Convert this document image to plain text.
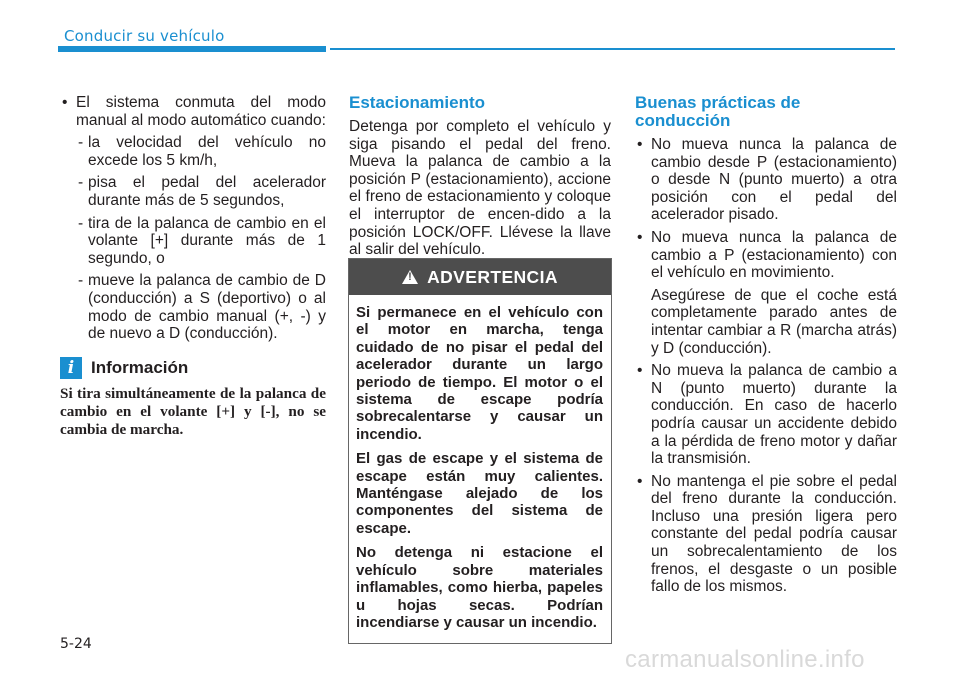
Conducir su vehículo

• El sistema conmuta del modo manual al modo automático cuando:

- la velocidad del vehículo no excede los 5 km/h,

- pisa el pedal del acelerador durante más de 5 segundos,

- tira de la palanca de cambio en el volante [+] durante más de 1 segundo, o

- mueve la palanca de cambio de D (conducción) a S (deportivo) o al modo de cambio manual (+, -) y de nuevo a D (conducción).

i Información

Si tira simultáneamente de la palanca de cambio en el volante [+] y [-], no se cambia de marcha.

Estacionamiento

Detenga por completo el vehículo y siga pisando el pedal del freno. Mueva la palanca de cambio a la posición P (estacionamiento), accione el freno de estacionamiento y coloque el interruptor de encen-dido a la posición LOCK/OFF. Llévese la llave al salir del vehículo.

! ADVERTENCIA

Si permanece en el vehículo con el motor en marcha, tenga cuidado de no pisar el pedal del acelerador durante un largo periodo de tiempo. El motor o el sistema de escape podría sobrecalentarse y causar un incendio.

El gas de escape y el sistema de escape están muy calientes. Manténgase alejado de los componentes del sistema de escape.

No detenga ni estacione el vehículo sobre materiales inflamables, como hierba, papeles u hojas secas. Podrían incendiarse y causar un incendio.

Buenas prácticas de conducción

• No mueva nunca la palanca de cambio desde P (estacionamiento) o desde N (punto muerto) a otra posición con el pedal del acelerador pisado.

• No mueva nunca la palanca de cambio a P (estacionamiento) con el vehículo en movimiento.

Asegúrese de que el coche está completamente parado antes de intentar cambiar a R (marcha atrás) y D (conducción).

• No mueva la palanca de cambio a N (punto muerto) durante la conducción. En caso de hacerlo podría causar un accidente debido a la pérdida de freno motor y dañar la transmisión.

• No mantenga el pie sobre el pedal del freno durante la conducción. Incluso una presión ligera pero constante del pedal podría causar un sobrecalentamiento de los frenos, el desgaste o un posible fallo de los mismos.

5-24
carmanualsonline.info
